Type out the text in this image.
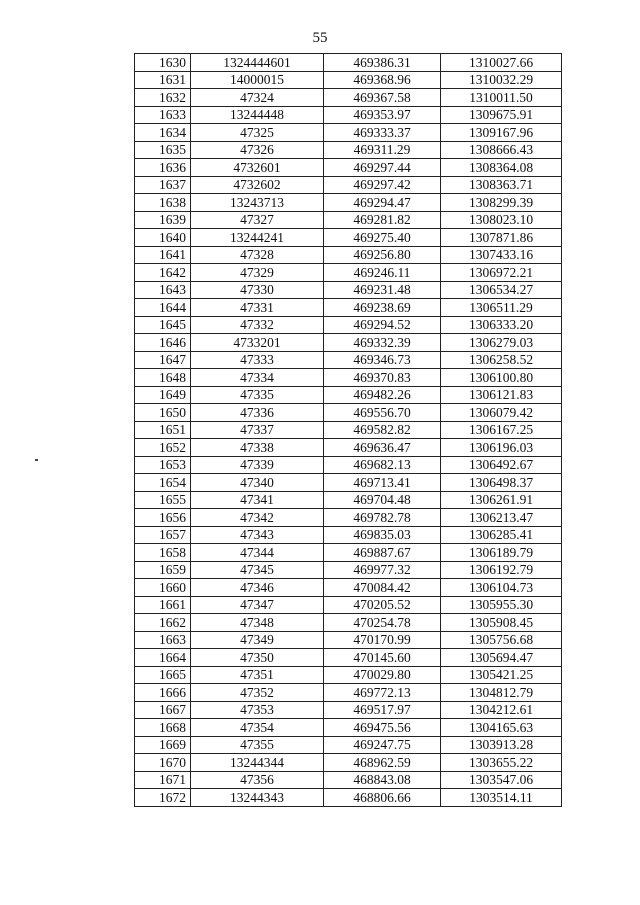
55
1630	1324444601	469386.31	1310027.66
1631	14000015	469368.96	1310032.29
1632	47324	469367.58	1310011.50
1633	13244448	469353.97	1309675.91
1634	47325	469333.37	1309167.96
1635	47326	469311.29	1308666.43
1636	4732601	469297.44	1308364.08
1637	4732602	469297.42	1308363.71
1638	13243713	469294.47	1308299.39
1639	47327	469281.82	1308023.10
1640	13244241	469275.40	1307871.86
1641	47328	469256.80	1307433.16
1642	47329	469246.11	1306972.21
1643	47330	469231.48	1306534.27
1644	47331	469238.69	1306511.29
1645	47332	469294.52	1306333.20
1646	4733201	469332.39	1306279.03
1647	47333	469346.73	1306258.52
1648	47334	469370.83	1306100.80
1649	47335	469482.26	1306121.83
1650	47336	469556.70	1306079.42
1651	47337	469582.82	1306167.25
1652	47338	469636.47	1306196.03
1653	47339	469682.13	1306492.67
1654	47340	469713.41	1306498.37
1655	47341	469704.48	1306261.91
1656	47342	469782.78	1306213.47
1657	47343	469835.03	1306285.41
1658	47344	469887.67	1306189.79
1659	47345	469977.32	1306192.79
1660	47346	470084.42	1306104.73
1661	47347	470205.52	1305955.30
1662	47348	470254.78	1305908.45
1663	47349	470170.99	1305756.68
1664	47350	470145.60	1305694.47
1665	47351	470029.80	1305421.25
1666	47352	469772.13	1304812.79
1667	47353	469517.97	1304212.61
1668	47354	469475.56	1304165.63
1669	47355	469247.75	1303913.28
1670	13244344	468962.59	1303655.22
1671	47356	468843.08	1303547.06
1672	13244343	468806.66	1303514.11
